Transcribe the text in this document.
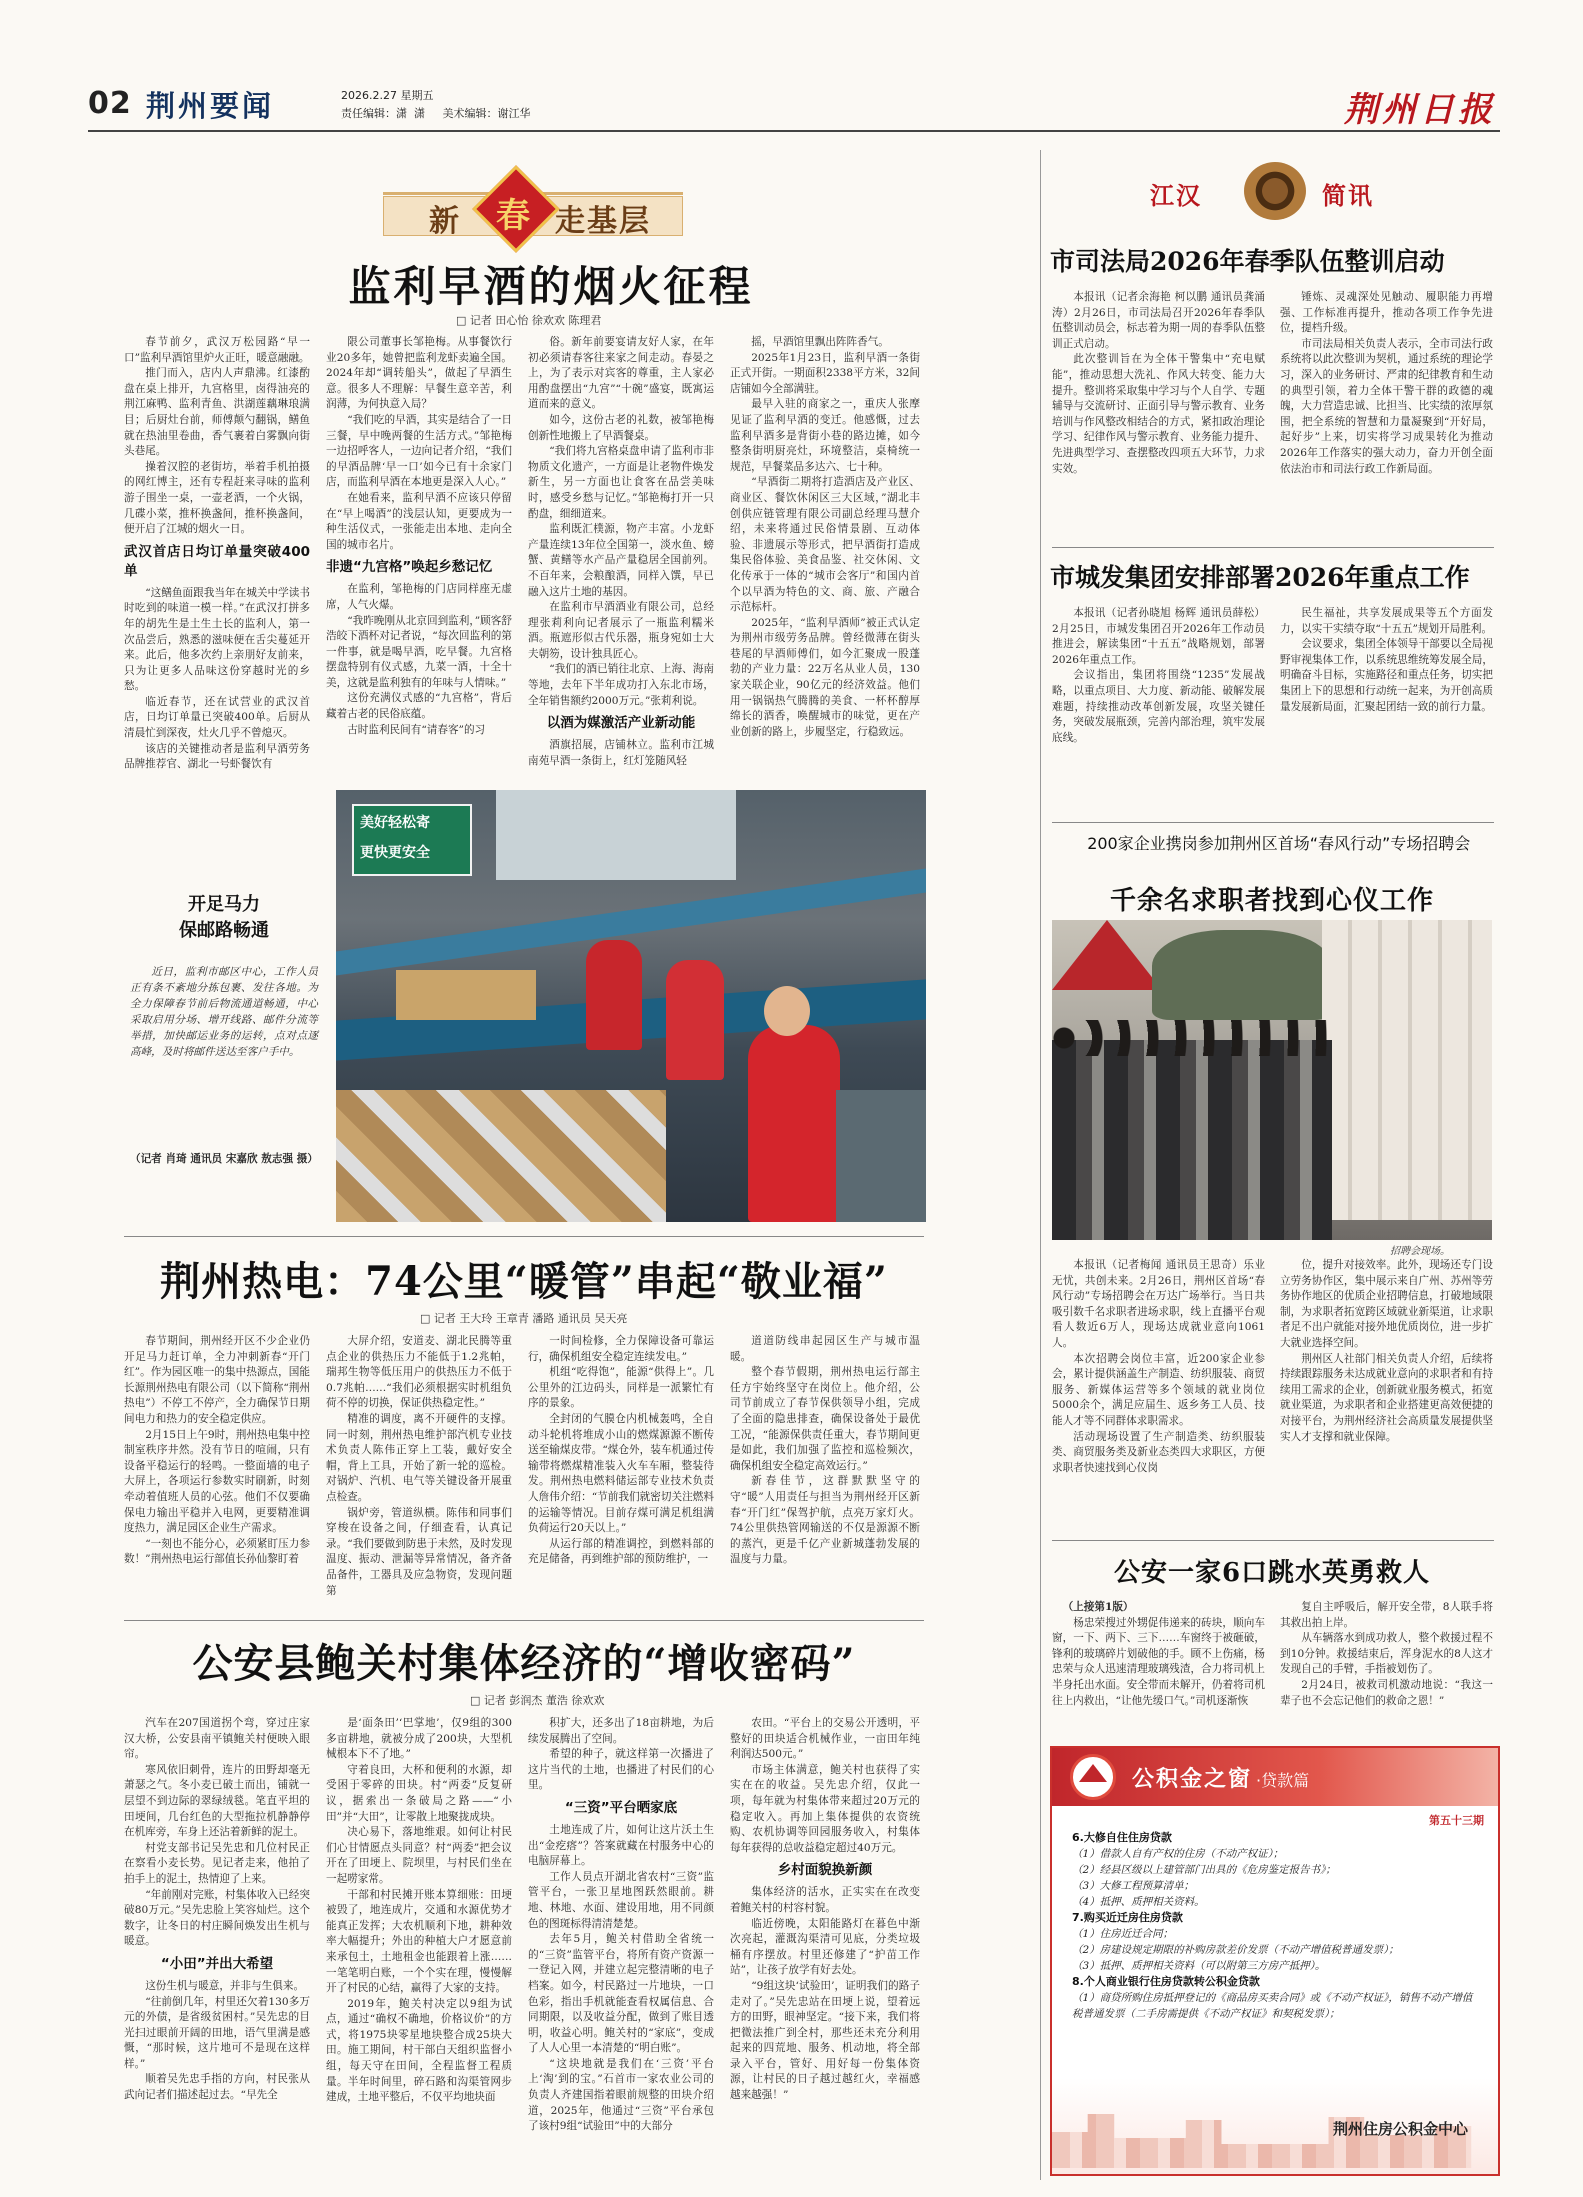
02 荆州要闻	2026.2.27 星期五
责任编辑：潇  潇     美术编辑：谢江华	荆州日报
新 春 走基层
监利早酒的烟火征程
□ 记者 田心怡 徐欢欢 陈理君

春节前夕，武汉万松园路“早一口”监利早酒馆里炉火正旺，暖意融融。

推门而入，店内人声鼎沸。红漆酌盘在桌上排开，九宫格里，卤得油亮的荆江麻鸭、监利青鱼、洪湖莲藕琳琅满目；后厨灶台前，师傅颠勺翻锅，鳝鱼就在热油里卷曲，香气裹着白雾飘向街头巷尾。

操着汉腔的老街坊，举着手机拍摄的网红博主，还有专程赶来寻味的监利游子围坐一桌，一壶老酒，一个火锅，几碟小菜，推杯换盏间，推杯换盏间，便开启了江城的烟火一日。

武汉首店日均订单量突破400单

“这鳝鱼面跟我当年在城关中学读书时吃到的味道一模一样。”在武汉打拼多年的胡先生是土生土长的监利人，第一次品尝后，熟悉的滋味便在舌尖蔓延开来。此后，他多次约上亲朋好友前来，只为让更多人品味这份穿越时光的乡愁。

临近春节，还在试营业的武汉首店，日均订单量已突破400单。后厨从清晨忙到深夜，灶火几乎不曾熄灭。

该店的关键推动者是监利早酒劳务品牌推荐官、湖北一号虾餐饮有

限公司董事长邹艳梅。从事餐饮行业20多年，她曾把监利龙虾卖遍全国。2024年却“调转船头”，做起了早酒生意。很多人不理解：早餐生意辛苦，利润薄，为何执意入局？

“我们吃的早酒，其实是结合了一日三餐，早中晚两餐的生活方式。”邹艳梅一边招呼客人，一边向记者介绍，“我们的早酒品牌‘早一口’如今已有十余家门店，而监利早酒在本地更是深入人心。”

在她看来，监利早酒不应该只停留在“早上喝酒”的浅层认知，更要成为一种生活仪式，一张能走出本地、走向全国的城市名片。

非遗“九宫格”唤起乡愁记忆

在监利，邹艳梅的门店同样座无虚席，人气火爆。

“我昨晚刚从北京回到监利，”顾客舒浩皎下酒杯对记者说，“每次回监利的第一件事，就是喝早酒，吃早餐。九宫格摆盘特别有仪式感，九菜一酒，十全十美，这就是监利独有的年味与人情味。”

这份充满仪式感的“九宫格”，背后藏着古老的民俗底蕴。

古时监利民间有“请春客”的习

俗。新年前要宴请友好人家，在年初必须请春客往来家之间走动。春晏之上，为了表示对宾客的尊重，主人家必用酌盘摆出“九宫”“十碗”盛宴，既寓运道而来的意义。

如今，这份古老的礼数，被邹艳梅创新性地搬上了早酒餐桌。

“我们将九宫格桌盘申请了监利市非物质文化遗产，一方面是让老物件焕发新生，另一方面也让食客在品尝美味时，感受乡愁与记忆。”邹艳梅打开一只酌盘，细细道来。

监利既汇樸源，物产丰富。小龙虾产量连续13年位全国第一，淡水鱼、螃蟹、黄鳝等水产品产量稳居全国前列。不百年来，会粮酿酒，同样入馔，早已融入这片土地的基因。

在监利市早酒酒业有限公司，总经理张莉利向记者展示了一瓶监利糯米酒。瓶遮形似古代乐器，瓶身宛如士大夫朝笏，设计独具匠心。

“我们的酒已销往北京、上海、海南等地，去年下半年成功打入东北市场，全年销售额约2000万元。”张莉利说。

以酒为媒激活产业新动能

酒旗招展，店铺林立。监利市江城南苑早酒一条街上，红灯笼随风轻

摇，早酒馆里飘出阵阵香气。

2025年1月23日，监利早酒一条街正式开街。一期面积2338平方米，32间店铺如今全部满驻。

最早入驻的商家之一，重庆人张摩见证了监利早酒的变迁。他感慨，过去监利早酒多是背街小巷的路边摊，如今整条街明厨亮灶，环境整洁，桌椅统一规范，早餐菜品多达六、七十种。

“早酒街二期将打造酒店及产业区、商业区、餐饮休闲区三大区域，”湖北丰创供应链管理有限公司副总经理马慧介绍，未来将通过民俗情景剧、互动体验、非遗展示等形式，把早酒街打造成集民俗体验、美食品鉴、社交休闲、文化传承于一体的“城市会客厅”和国内首个以早酒为特色的文、商、旅、产融合示范标杆。

2025年，“监利早酒师”被正式认定为荆州市级劳务品牌。曾经微薄在街头巷尾的早酒师傅们，如今汇聚成一股蓬勃的产业力量：22万名从业人员，130家关联企业，90亿元的经济效益。他们用一锅锅热气腾腾的美食、一杯杯醇厚绵长的酒香，唤醒城市的味觉，更在产业创新的路上，步履坚定，行稳致远。

开足马力
保邮路畅通
近日，监利市邮区中心，工作人员正有条不紊地分拣包裹、发往各地。为全力保障春节前后物流通道畅通，中心采取启用分场、增开线路、邮件分流等举措，加快邮运业务的运转，点对点逐高峰，及时将邮件送达至客户手中。
（记者 肖琦 通讯员 宋嘉欣 敖志强 摄）
美好轻松寄
更快更安全
荆州热电：74公里“暖管”串起“敬业福”
□ 记者 王大玲 王章青 潘路 通讯员 吴天亮

春节期间，荆州经开区不少企业仍开足马力赶订单，全力冲刺新春“开门红”。作为园区唯一的集中热源点，国能长源荆州热电有限公司（以下简称“荆州热电”）不停工不停产，全力确保节日期间电力和热力的安全稳定供应。

2月15日上午9时，荆州热电集中控制室秩序井然。没有节日的喧闹，只有设备平稳运行的轻鸣。一整面墙的电子大屏上，各项运行参数实时刷新，时刻牵动着值班人员的心弦。他们不仅要确保电力输出平稳并入电网，更要精准调度热力，满足园区企业生产需求。

“一刻也不能分心，必须紧盯压力参数！”荆州热电运行部值长孙仙黎盯着

大屏介绍，安道麦、湖北民腾等重点企业的供热压力不能低于1.2兆帕，瑞邦生物等低压用户的供热压力不低于0.7兆帕……“我们必须根据实时机组负荷不停的切换，保证供热稳定性。”

精准的调度，离不开硬件的支撑。同一时刻，荆州热电维护部汽机专业技术负责人陈伟正穿上工装，戴好安全帽，背上工具，开始了新一轮的巡检。对锅炉、汽机、电气等关键设备开展重点检查。

锅炉旁，管道纵横。陈伟和同事们穿梭在设备之间，仔细查看，认真记录。“我们要做到防患于未然，及时发现温度、振动、泄漏等异常情况，备齐备品备件，工器具及应急物资，发现问题第

一时间检修，全力保障设备可靠运行，确保机组安全稳定连续发电。”

机组“吃得饱”，能源“供得上”。几公里外的江边码头，同样是一派繁忙有序的景象。

全封闭的气膜仓内机械轰鸣，全自动斗轮机将堆成小山的燃煤源源不断传送至输煤皮带。“煤仓外，装车机通过传输带将燃煤精准装入火车车厢，整装待发。荆州热电燃料储运部专业技术负责人詹伟介绍：“节前我们就密切关注燃料的运输等情况。目前存煤可满足机组满负荷运行20天以上。”

从运行部的精准调控，到燃料部的充足储备，再到维护部的预防维护，一

道道防线串起园区生产与城市温暖。

整个春节假期，荆州热电运行部主任方宇始终坚守在岗位上。他介绍，公司节前成立了春节保供领导小组，完成了全面的隐患排查，确保设备处于最优工况，“能源保供责任重大，春节期间更是如此，我们加强了监控和巡检频次，确保机组安全稳定高效运行。”

新春佳节，这群默默坚守的守“暖”人用责任与担当为荆州经开区新春“开门红”保驾护航，点亮万家灯火。74公里供热管网输送的不仅是源源不断的蒸汽，更是千亿产业新城蓬勃发展的温度与力量。

公安县鲍关村集体经济的“增收密码”
□ 记者 彭润杰 董浩 徐欢欢

汽车在207国道拐个弯，穿过庄家汉大桥，公安县南平镇鲍关村便映入眼帘。

寒风依旧刺骨，连片的田野却毫无萧瑟之气。冬小麦已破土而出，铺就一层望不到边际的翠绿绒毯。笔直平坦的田埂间，几台红色的大型拖拉机静静停在机库旁，车身上还沾着新鲜的泥土。

村党支部书记吴先忠和几位村民正在察看小麦长势。见记者走来，他拍了拍手上的泥土，热情迎了上来。

“年前刚对完账，村集体收入已经突破80万元。”吴先忠脸上笑容灿烂。这个数字，让冬日的村庄瞬间焕发出生机与暖意。

“小田”并出大希望

这份生机与暖意，并非与生俱来。

“往前倒几年，村里还欠着130多万元的外债，是省级贫困村。”吴先忠的目光扫过眼前开阔的田地，语气里满是感慨，“那时候，这片地可不是现在这样样。”

顺着吴先忠手指的方向，村民张从武向记者们描述起过去。“早先全

是‘面条田’‘巴掌地’，仅9组的300多亩耕地，就被分成了200块，大型机械根本下不了地。”

守着良田，大杯和便利的水源，却受困于零碎的田块。村“两委”反复研议，据索出一条破局之路——“小田”并“大田”，让零散上地聚拢成块。

决心易下，落地维艰。如何让村民们心甘情愿点头同意？村“两委”把会议开在了田埂上、院坝里，与村民们坐在一起唠家常。

干部和村民摊开账本算细账：田埂被毁了，地连成片，交通和水源优势才能真正发挥；大农机顺利下地，耕种效率大幅提升；外出的种植大户才愿意前来承包土，土地租金也能跟着上涨……一笔笔明白账，一个个实在理，慢慢解开了村民的心结，赢得了大家的支持。

2019年，鲍关村决定以9组为试点，通过“确权不确地，价格议价”的方式，将1975块零星地块整合成25块大田。施工期间，村干部白天组织监督小组，每天守在田间，全程监督工程质量。半年时间里，碎石路和沟渠管网步建成，土地平整后，不仅平均地块面

积扩大，还多出了18亩耕地，为后续发展腾出了空间。

希望的种子，就这样第一次播进了这片当代的土地，也播进了村民们的心里。

“三资”平台晒家底

土地连成了片，如何让这片沃土生出“金疙瘩”？答案就藏在村服务中心的电脑屏幕上。

工作人员点开湖北省农村“三资”监管平台，一张卫星地图跃然眼前。耕地、林地、水面、建设用地，用不同颜色的图斑标得清清楚楚。

去年5月，鲍关村借助全省统一的“三资”监管平台，将所有资产资源一一登记入网，并建立起完整清晰的电子档案。如今，村民路过一片地块，一口色彩，指出手机就能查看权属信息、合同期限，以及收益分配，做到了账目透明，收益心明。鲍关村的“家底”，变成了人人心里一本清楚的“明白账”。

“这块地就是我们在‘三资’平台上‘淘’到的宝。”石首市一家农业公司的负责人齐建国指着眼前规整的田块介绍道，2025年，他通过“三资”平台承包了该村9组“试验田”中的大部分

农田。“平台上的交易公开透明，平整好的田块适合机械作业，一亩田年纯利润达500元。”

市场主体满意，鲍关村也获得了实实在在的收益。吴先忠介绍，仅此一项，每年就为村集体带来超过20万元的稳定收入。再加上集体提供的农资统购、农机协调等回园服务收入，村集体每年获得的总收益稳定超过40万元。

乡村面貌换新颜

集体经济的活水，正实实在在改变着鲍关村的村容村貌。

临近傍晚，太阳能路灯在暮色中渐次亮起，灌溉沟渠清可见底，分类垃圾桶有序摆放。村里还修建了“护苗工作站”，让孩子放学有好去处。

“9组这块‘试验田’，证明我们的路子走对了。”吴先忠站在田埂上说，望着远方的田野，眼神坚定。“接下来，我们将把微法推广到全村，那些还未充分利用起来的四荒地、服务、机动地，将全部录入平台，管好、用好每一份集体资源，让村民的日子越过越红火，幸福感越来越强！”

江汉	简讯
市司法局2026年春季队伍整训启动

本报讯（记者余海艳 柯以鹏 通讯员龚涌涛）2月26日，市司法局召开2026年春季队伍整训动员会，标志着为期一周的春季队伍整训正式启动。

此次整训旨在为全体干警集中“充电赋能”，推动思想大洗礼、作风大转变、能力大提升。整训将采取集中学习与个人自学、专题辅导与交流研讨、正面引导与警示教育、业务培训与作风整改相结合的方式，紧扣政治理论学习、纪律作风与警示教育、业务能力提升、先进典型学习、查摆整改四项五大环节，力求实效。

锤炼、灵魂深处见触动、履职能力再增强、工作标准再提升，推动各项工作争先进位，提档升级。

市司法局相关负责人表示，全市司法行政系统将以此次整训为契机，通过系统的理论学习，深入的业务研讨、严肃的纪律教育和生动的典型引领，着力全体干警干群的政德的魂魄，大力营造忠诚、比担当、比实绩的浓厚氛围，把全系统的智慧和力量凝聚到“开好局，起好步”上来，切实将学习成果转化为推动2026年工作落实的强大动力，奋力开创全面依法治市和司法行政工作新局面。

市城发集团安排部署2026年重点工作

本报讯（记者孙晓旭 杨辉 通讯员薛松）2月25日，市城发集团召开2026年工作动员推进会，解读集团“十五五”战略规划，部署2026年重点工作。

会议指出，集团将围绕“1235”发展战略，以重点项目、大力度、新动能、破解发展难题，持续推动改革创新发展，攻坚关键任务，突破发展瓶颈，完善内部治理，筑牢发展底线。

民生福祉，共享发展成果等五个方面发力，以实干实绩夺取“十五五”规划开局胜利。

会议要求，集团全体领导干部要以全局视野审视集体工作，以系统思维统筹发展全局，明确奋斗目标，实施路径和重点任务，切实把集团上下的思想和行动统一起来，为开创高质量发展新局面，汇聚起团结一致的前行力量。

200家企业携岗参加荆州区首场“春风行动”专场招聘会
千余名求职者找到心仪工作
招聘会现场。

本报讯（记者梅闻 通讯员王思奇）乐业无忧，共创未来。2月26日，荆州区首场“春风行动”专场招聘会在万达广场举行。当日共吸引数千名求职者进场求职，线上直播平台观看人数近6万人，现场达成就业意向1061人。

本次招聘会岗位丰富，近200家企业参会，累计提供涵盖生产制造、纺织服装、商贸服务、新媒体运营等多个领域的就业岗位5000余个，满足应届生、返乡务工人员、技能人才等不同群体求职需求。

活动现场设置了生产制造类、纺织服装类、商贸服务类及新业态类四大求职区，方便求职者快速找到心仪岗

位，提升对接效率。此外，现场还专门设立劳务协作区，集中展示来自广州、苏州等劳务协作地区的优质企业招聘信息，打破地域限制，为求职者拓宽跨区域就业新渠道，让求职者足不出户就能对接外地优质岗位，进一步扩大就业选择空间。

荆州区人社部门相关负责人介绍，后续将持续跟踪服务未达成就业意向的求职者和有持续用工需求的企业，创新就业服务模式，拓宽就业渠道，为求职者和企业搭建更高效便捷的对接平台，为荆州经济社会高质量发展提供坚实人才支撑和就业保障。

公安一家6口跳水英勇救人

（上接第1版）

杨忠荣搜过外甥促伟递来的砖块，顺向车窗，一下、两下、三下……车窗终于被砸破，锋利的玻璃碎片划破他的手。顾不上伤痛，杨忠荣与众人迅速清理玻璃残渣，合力将司机上半身托出水面。安全带而未解开，仍着将司机往上内救出，“让他先缓口气。”司机逐渐恢

复自主呼吸后，解开安全带，8人联手将其救出拍上岸。

从车辆落水到成功救人，整个救援过程不到10分钟。救援结束后，浑身泥水的8人这才发现自己的手臂，手指被划伤了。

2月24日，被救司机激动地说：“我这一辈子也不会忘记他们的救命之恩！”

公积金之窗 ·贷款篇
第五十三期
6.大修自住住房贷款
（1）借款人自有产权的住房（不动产权证）；
（2）经县区级以上建管部门出具的《危房鉴定报告书》；
（3）大修工程预算清单；
（4）抵押、质押相关资料。
7.购买近迁房住房贷款
（1）住房近迁合同；
（2）房建设规定期限的补购房款差价发票（不动产增值税普通发票）；
（3）抵押、质押相关资料（可以附第三方房产抵押）。
8.个人商业银行住房贷款转公积金贷款
（1）商贷所购住房抵押登记的《商品房买卖合同》或《不动产权证》，销售不动产增值税普通发票（二手房需提供《不动产权证》和契税发票）；
荆州住房公积金中心
